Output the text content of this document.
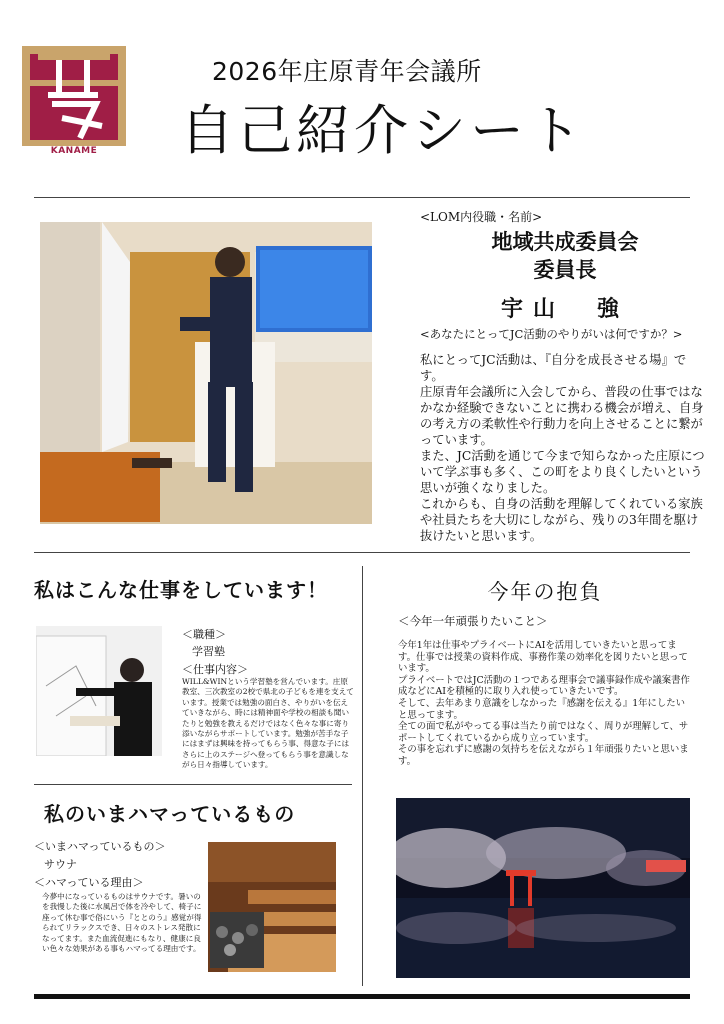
KANAME
2026年庄原青年会議所
自己紹介シート
<LOM内役職・名前>
地域共成委員会
委員長
宇山　強
<あなたにとってJC活動のやりがいは何ですか？>

私にとってJC活動は、『自分を成長させる場』です。

庄原青年会議所に入会してから、普段の仕事ではなかなか経験できないことに携わる機会が増え、自身の考え方の柔軟性や行動力を向上させることに繋がっています。

また、JC活動を通じて今まで知らなかった庄原について学ぶ事も多く、この町をより良くしたいという思いが強くなりました。

これからも、自身の活動を理解してくれている家族や社員たちを大切にしながら、残りの3年間を駆け抜けたいと思います。

私はこんな仕事をしています！

＜職種＞

学習塾

＜仕事内容＞

WILL&WINという学習塾を営んでいます。庄原教室、三次教室の2校で県北の子どもを連を支えています。授業では勉強の面白さ、やりがいを伝えていきながら、時には精神面や学校の相談も聞いたりと勉強を教えるだけではなく色々な事に寄り添いながらサポートしています。勉強が苦手な子にはまずは興味を持ってもらう事、得意な子にはさらに上のステージへ登ってもらう事を意識しながら日々指導しています。

私のいまハマっているもの

＜いまハマっているもの＞

サウナ

＜ハマっている理由＞

今夢中になっているものはサウナです。暑いのを我慢した後に水風呂で体を冷やして、椅子に座って休む事で俗にいう『ととのう』感覚が得られてリラックスでき、日々のストレス発散になってます。また血流促進にもなり、健康に良い色々な効果がある事もハマってる理由です。

今年の抱負
＜今年一年頑張りたいこと＞

今年1年は仕事やプライベートにAIを活用していきたいと思ってます。仕事では授業の資料作成、事務作業の効率化を図りたいと思っています。

プライベートではJC活動の１つである理事会で議事録作成や議案書作成などにAIを積極的に取り入れ使っていきたいです。

そして、去年あまり意識をしなかった『感謝を伝える』1年にしたいと思ってます。

全ての面で私がやってる事は当たり前ではなく、周りが理解して、サポートしてくれているから成り立っています。

その事を忘れずに感謝の気持ちを伝えながら１年頑張りたいと思います。
